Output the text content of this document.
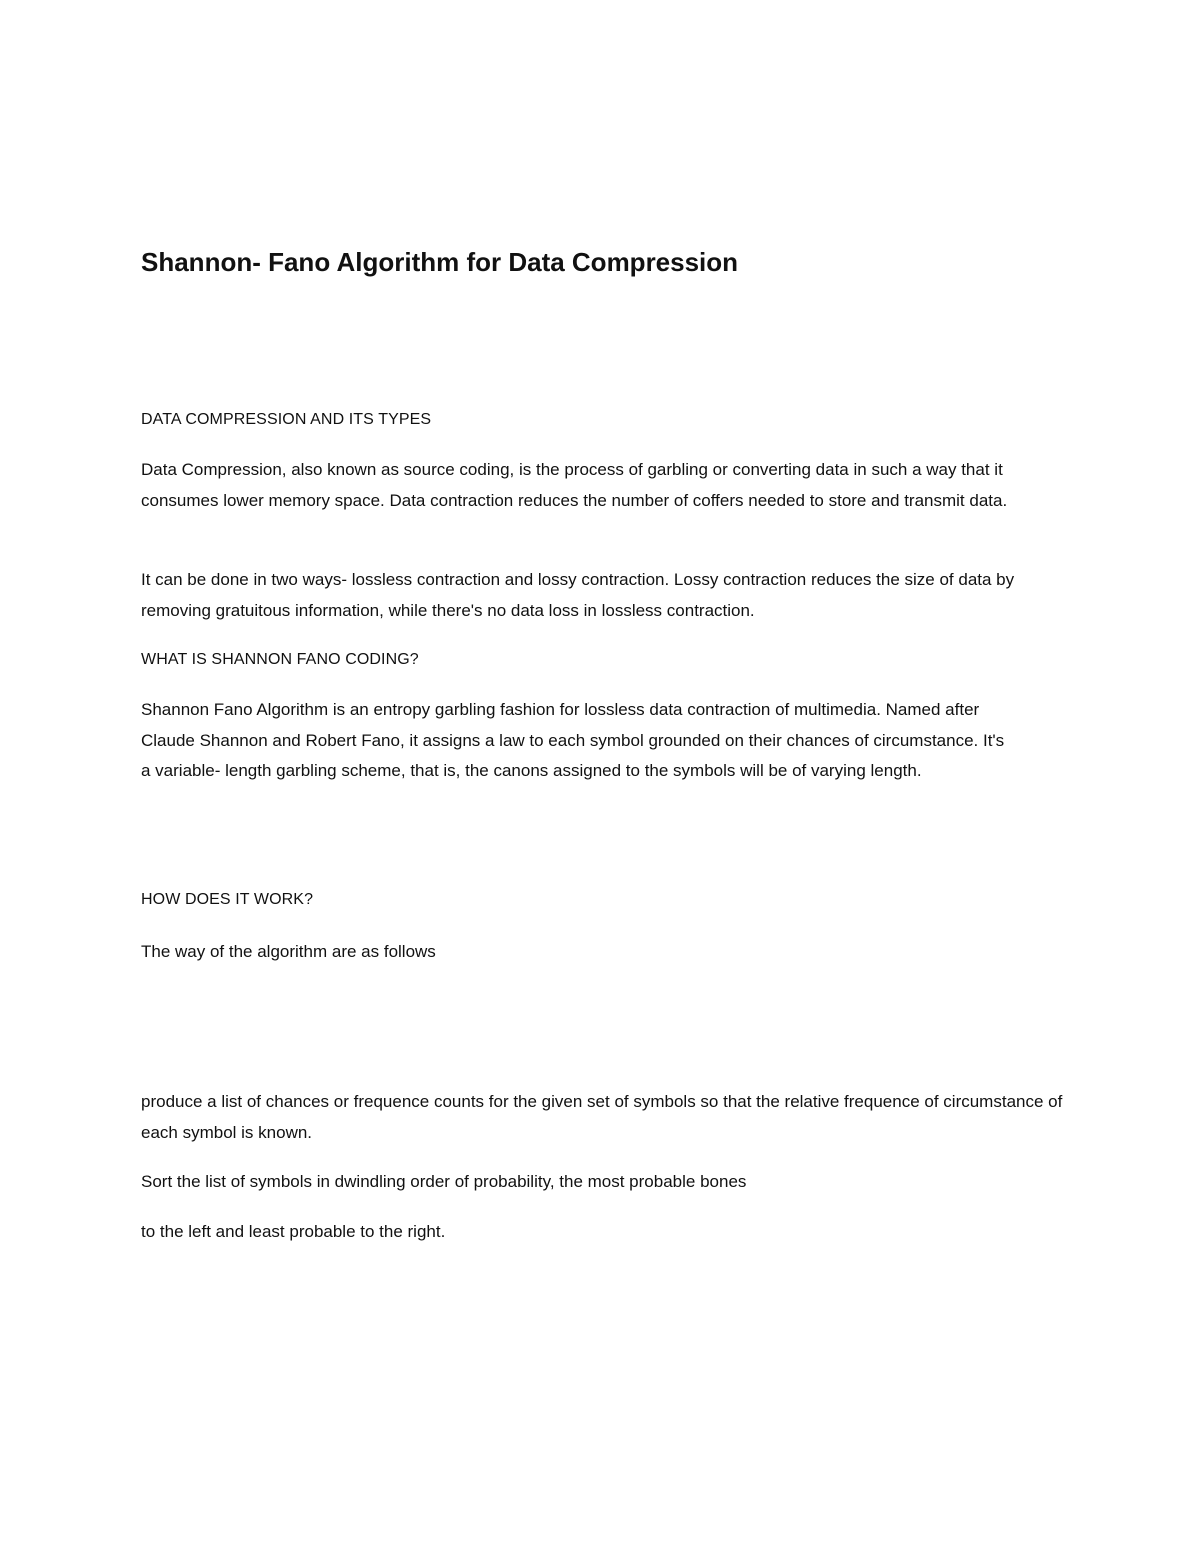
Shannon- Fano Algorithm for Data Compression

DATA COMPRESSION AND ITS TYPES

Data Compression, also known as source coding, is the process of garbling or converting data in such a way that it consumes lower memory space. Data contraction reduces the number of coffers needed to store and transmit data.

It can be done in two ways- lossless contraction and lossy contraction. Lossy contraction reduces the size of data by removing gratuitous information, while there's no data loss in lossless contraction.

WHAT IS SHANNON FANO CODING?

Shannon Fano Algorithm is an entropy garbling fashion for lossless data contraction of multimedia. Named after Claude Shannon and Robert Fano, it assigns a law to each symbol grounded on their chances of circumstance. It's a variable- length garbling scheme, that is, the canons assigned to the symbols will be of varying length.

HOW DOES IT WORK?

The way of the algorithm are as follows

produce a list of chances or frequence counts for the given set of symbols so that the relative frequence of circumstance of each symbol is known.

Sort the list of symbols in dwindling order of probability, the most probable bones

to the left and least probable to the right.
